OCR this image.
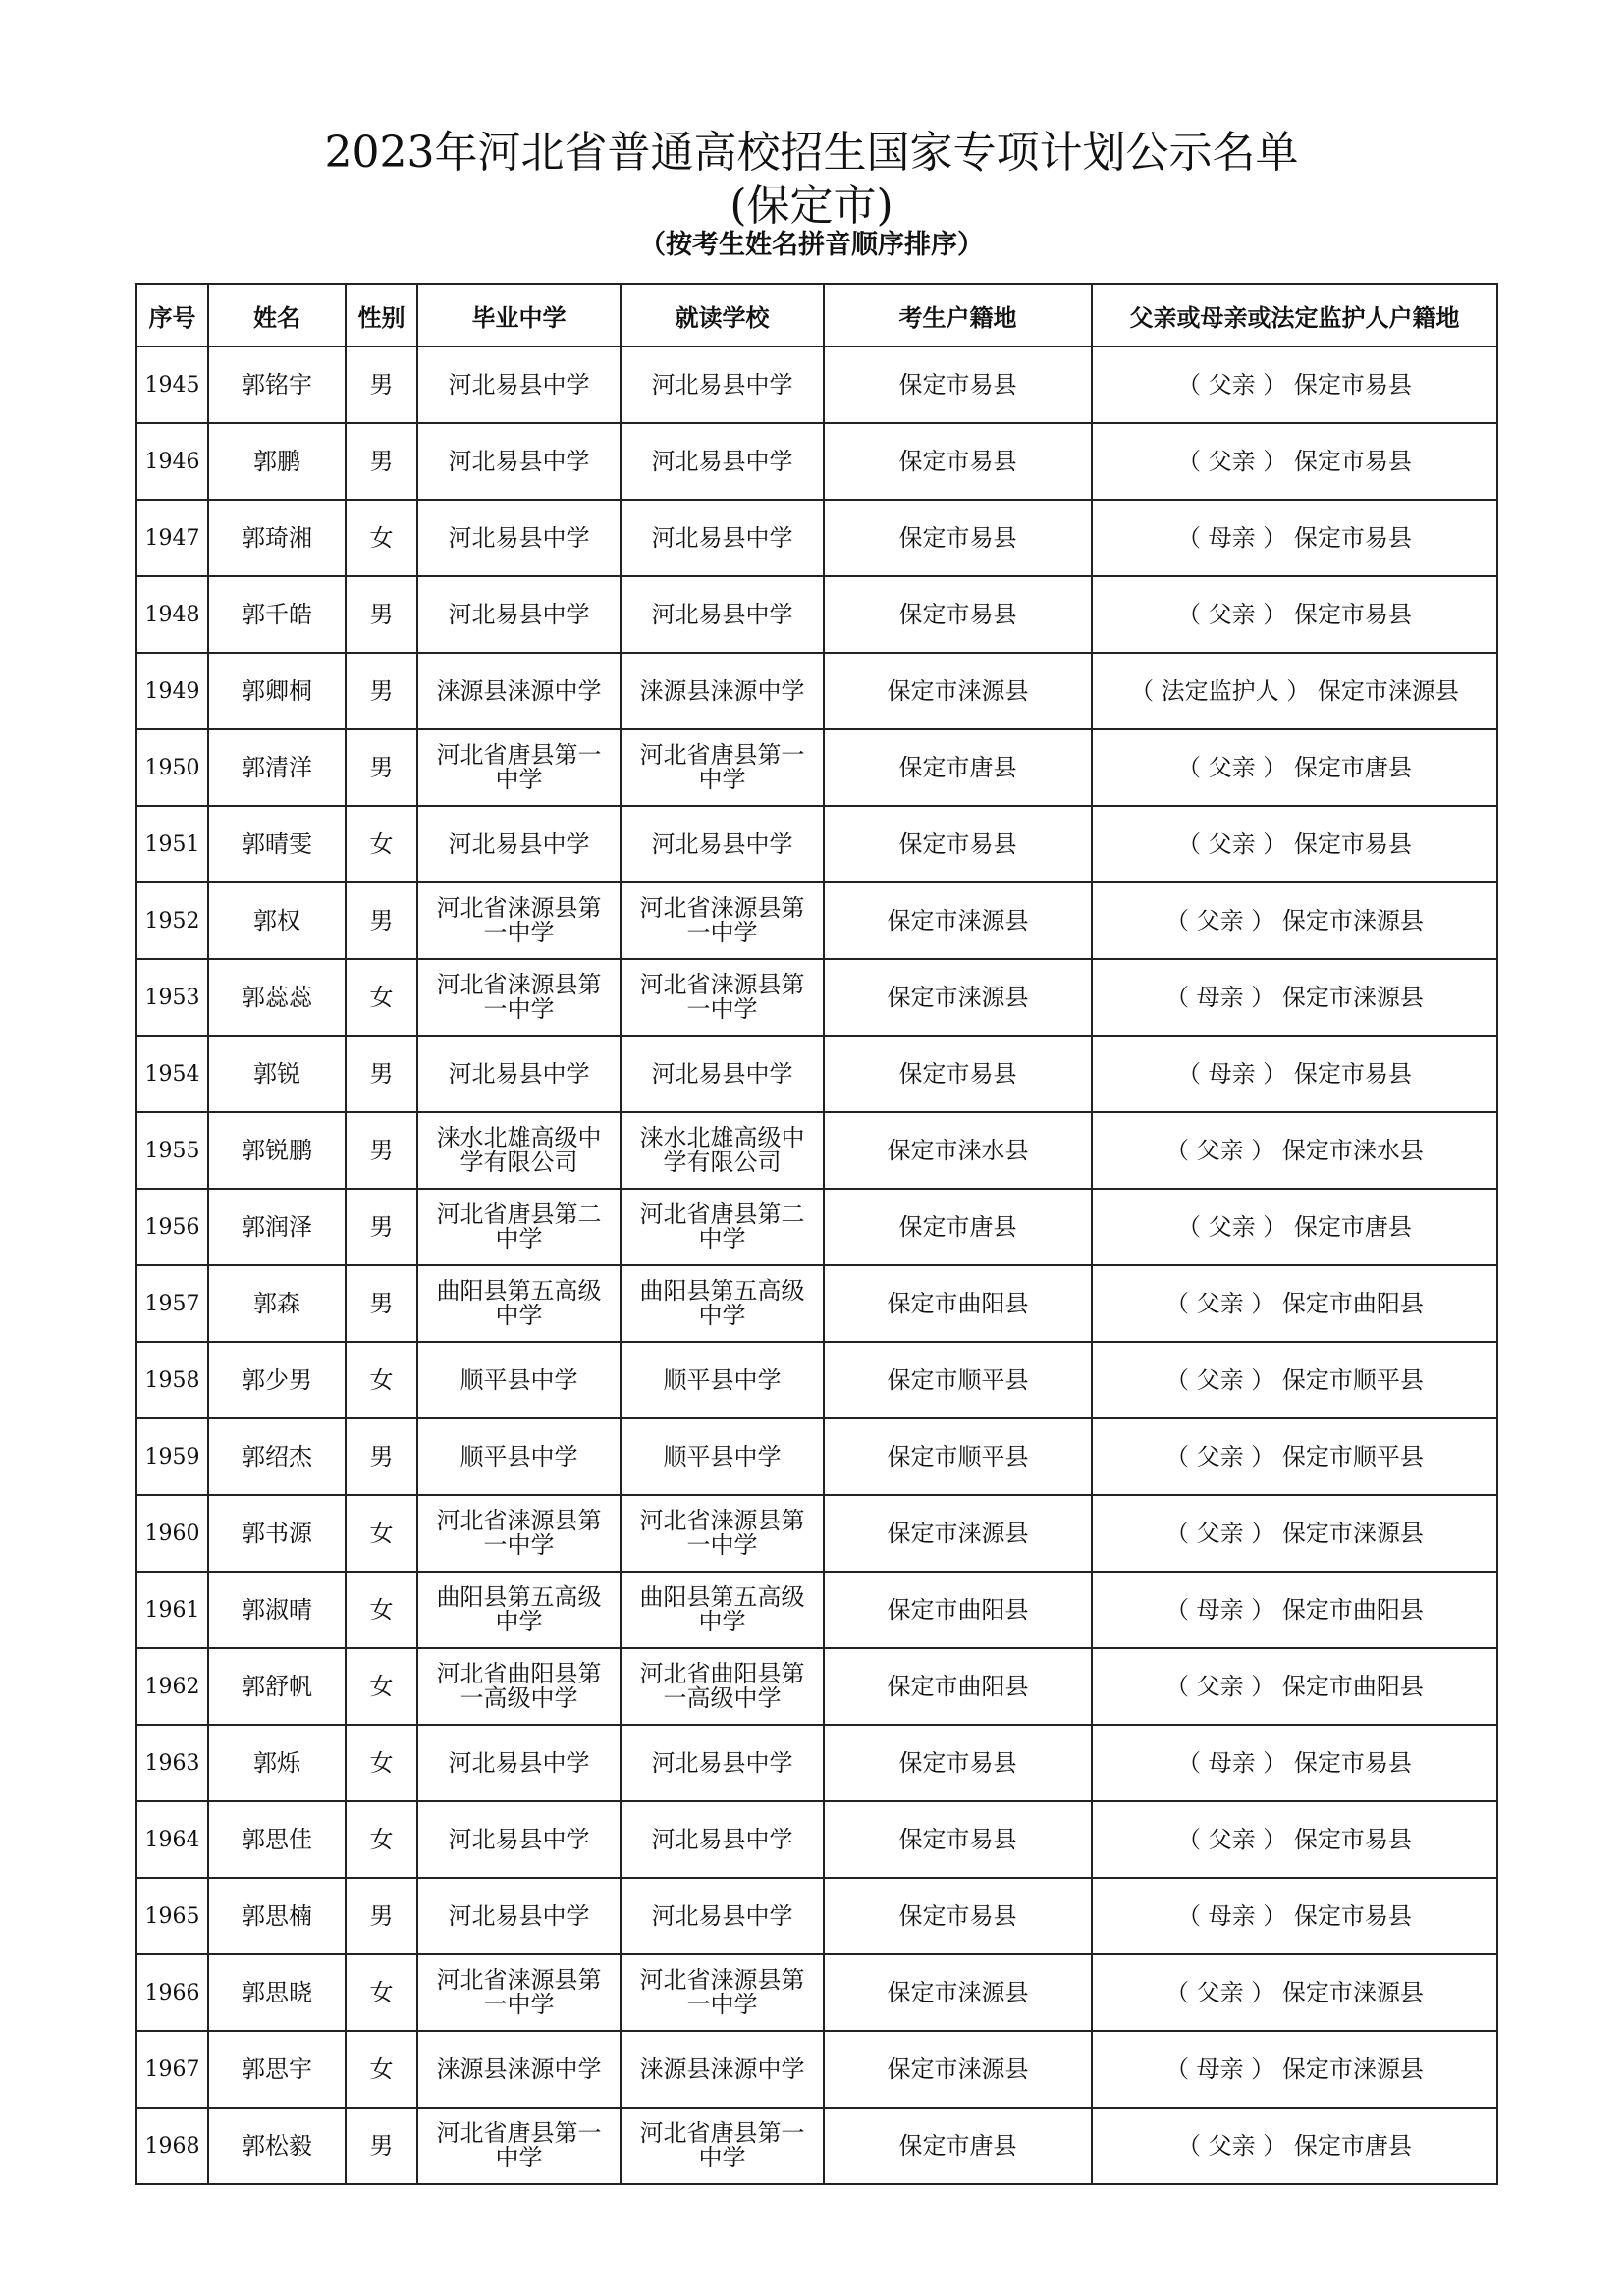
2023年河北省普通高校招生国家专项计划公示名单
(保定市)
（按考生姓名拼音顺序排序）
序号	姓名	性别	毕业中学	就读学校	考生户籍地	父亲或母亲或法定监护人户籍地
1945	郭铭宇	男	河北易县中学	河北易县中学	保定市易县	（ 父亲 ） 保定市易县
1946	郭鹏	男	河北易县中学	河北易县中学	保定市易县	（ 父亲 ） 保定市易县
1947	郭琦湘	女	河北易县中学	河北易县中学	保定市易县	（ 母亲 ） 保定市易县
1948	郭千皓	男	河北易县中学	河北易县中学	保定市易县	（ 父亲 ） 保定市易县
1949	郭卿桐	男	涞源县涞源中学	涞源县涞源中学	保定市涞源县	（ 法定监护人 ） 保定市涞源县
1950	郭清洋	男	河北省唐县第一中学	河北省唐县第一中学	保定市唐县	（ 父亲 ） 保定市唐县
1951	郭晴雯	女	河北易县中学	河北易县中学	保定市易县	（ 父亲 ） 保定市易县
1952	郭权	男	河北省涞源县第一中学	河北省涞源县第一中学	保定市涞源县	（ 父亲 ） 保定市涞源县
1953	郭蕊蕊	女	河北省涞源县第一中学	河北省涞源县第一中学	保定市涞源县	（ 母亲 ） 保定市涞源县
1954	郭锐	男	河北易县中学	河北易县中学	保定市易县	（ 母亲 ） 保定市易县
1955	郭锐鹏	男	涞水北雄高级中学有限公司	涞水北雄高级中学有限公司	保定市涞水县	（ 父亲 ） 保定市涞水县
1956	郭润泽	男	河北省唐县第二中学	河北省唐县第二中学	保定市唐县	（ 父亲 ） 保定市唐县
1957	郭森	男	曲阳县第五高级中学	曲阳县第五高级中学	保定市曲阳县	（ 父亲 ） 保定市曲阳县
1958	郭少男	女	顺平县中学	顺平县中学	保定市顺平县	（ 父亲 ） 保定市顺平县
1959	郭绍杰	男	顺平县中学	顺平县中学	保定市顺平县	（ 父亲 ） 保定市顺平县
1960	郭书源	女	河北省涞源县第一中学	河北省涞源县第一中学	保定市涞源县	（ 父亲 ） 保定市涞源县
1961	郭淑晴	女	曲阳县第五高级中学	曲阳县第五高级中学	保定市曲阳县	（ 母亲 ） 保定市曲阳县
1962	郭舒帆	女	河北省曲阳县第一高级中学	河北省曲阳县第一高级中学	保定市曲阳县	（ 父亲 ） 保定市曲阳县
1963	郭烁	女	河北易县中学	河北易县中学	保定市易县	（ 母亲 ） 保定市易县
1964	郭思佳	女	河北易县中学	河北易县中学	保定市易县	（ 父亲 ） 保定市易县
1965	郭思楠	男	河北易县中学	河北易县中学	保定市易县	（ 母亲 ） 保定市易县
1966	郭思晓	女	河北省涞源县第一中学	河北省涞源县第一中学	保定市涞源县	（ 父亲 ） 保定市涞源县
1967	郭思宇	女	涞源县涞源中学	涞源县涞源中学	保定市涞源县	（ 母亲 ） 保定市涞源县
1968	郭松毅	男	河北省唐县第一中学	河北省唐县第一中学	保定市唐县	（ 父亲 ） 保定市唐县
